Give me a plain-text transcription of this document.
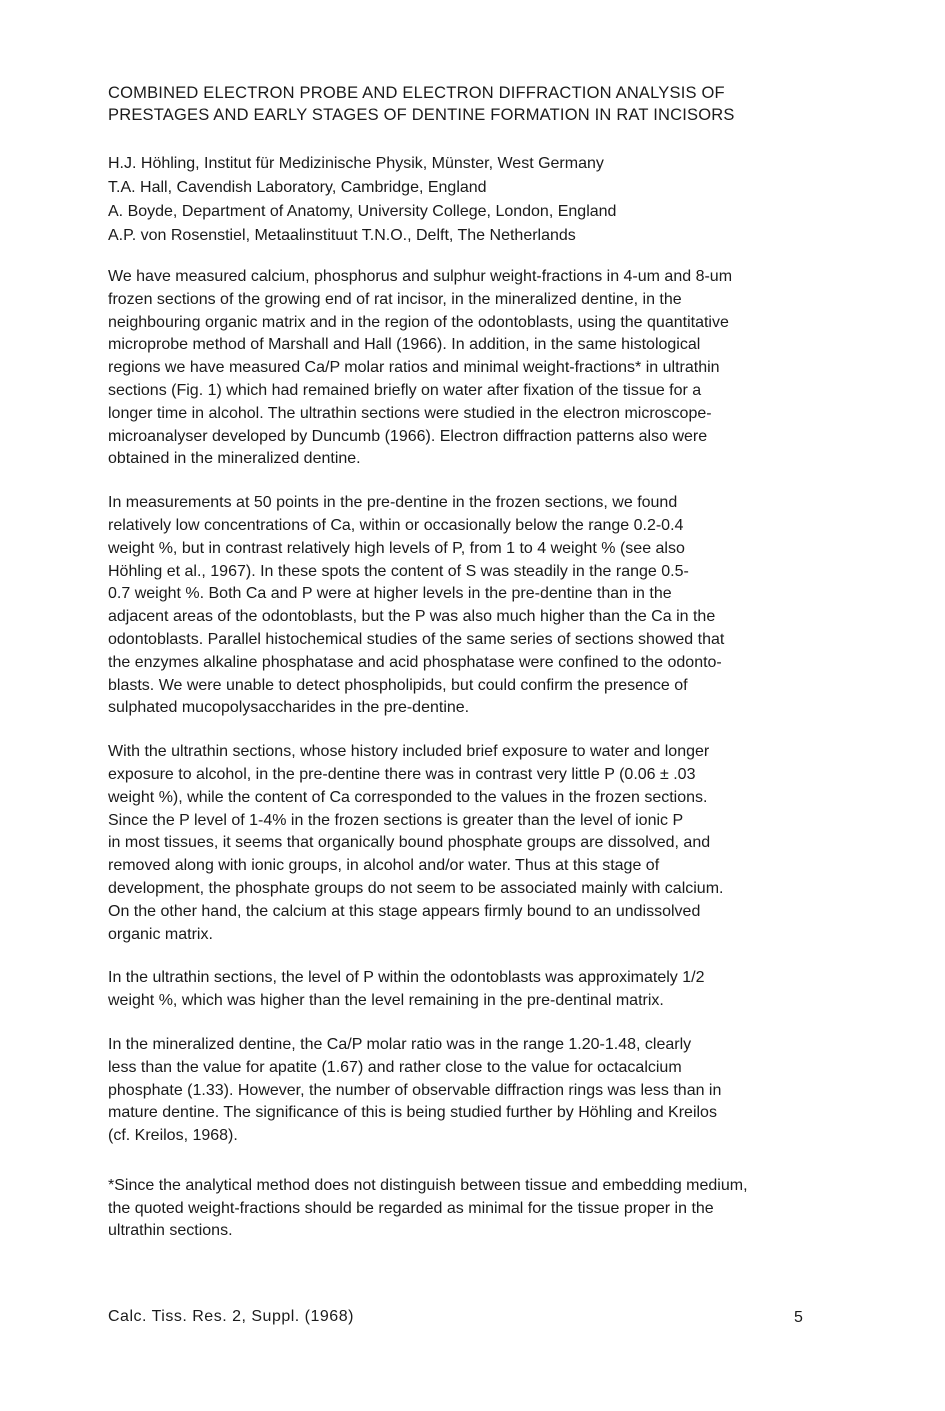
COMBINED ELECTRON PROBE AND ELECTRON DIFFRACTION ANALYSIS OF
PRESTAGES AND EARLY STAGES OF DENTINE FORMATION IN RAT INCISORS
H.J. Höhling, Institut für Medizinische Physik, Münster, West Germany
T.A. Hall, Cavendish Laboratory, Cambridge, England
A. Boyde, Department of Anatomy, University College, London, England
A.P. von Rosenstiel, Metaalinstituut T.N.O., Delft, The Netherlands
We have measured calcium, phosphorus and sulphur weight-fractions in 4-um and 8-um
frozen sections of the growing end of rat incisor, in the mineralized dentine, in the
neighbouring organic matrix and in the region of the odontoblasts, using the quantitative
microprobe method of Marshall and Hall (1966). In addition, in the same histological
regions we have measured Ca/P molar ratios and minimal weight-fractions* in ultrathin
sections (Fig. 1) which had remained briefly on water after fixation of the tissue for a
longer time in alcohol. The ultrathin sections were studied in the electron microscope-
microanalyser developed by Duncumb (1966). Electron diffraction patterns also were
obtained in the mineralized dentine.
In measurements at 50 points in the pre-dentine in the frozen sections, we found
relatively low concentrations of Ca, within or occasionally below the range 0.2-0.4
weight %, but in contrast relatively high levels of P, from 1 to 4 weight % (see also
Höhling et al., 1967). In these spots the content of S was steadily in the range 0.5-
0.7 weight %. Both Ca and P were at higher levels in the pre-dentine than in the
adjacent areas of the odontoblasts, but the P was also much higher than the Ca in the
odontoblasts. Parallel histochemical studies of the same series of sections showed that
the enzymes alkaline phosphatase and acid phosphatase were confined to the odonto-
blasts. We were unable to detect phospholipids, but could confirm the presence of
sulphated mucopolysaccharides in the pre-dentine.
With the ultrathin sections, whose history included brief exposure to water and longer
exposure to alcohol, in the pre-dentine there was in contrast very little P (0.06 ± .03
weight %), while the content of Ca corresponded to the values in the frozen sections.
Since the P level of 1-4% in the frozen sections is greater than the level of ionic P
in most tissues, it seems that organically bound phosphate groups are dissolved, and
removed along with ionic groups, in alcohol and/or water. Thus at this stage of
development, the phosphate groups do not seem to be associated mainly with calcium.
On the other hand, the calcium at this stage appears firmly bound to an undissolved
organic matrix.
In the ultrathin sections, the level of P within the odontoblasts was approximately 1/2
weight %, which was higher than the level remaining in the pre-dentinal matrix.
In the mineralized dentine, the Ca/P molar ratio was in the range 1.20-1.48, clearly
less than the value for apatite (1.67) and rather close to the value for octacalcium
phosphate (1.33). However, the number of observable diffraction rings was less than in
mature dentine. The significance of this is being studied further by Höhling and Kreilos
(cf. Kreilos, 1968).
*Since the analytical method does not distinguish between tissue and embedding medium,
the quoted weight-fractions should be regarded as minimal for the tissue proper in the
ultrathin sections.
Calc. Tiss. Res. 2, Suppl. (1968)	5
